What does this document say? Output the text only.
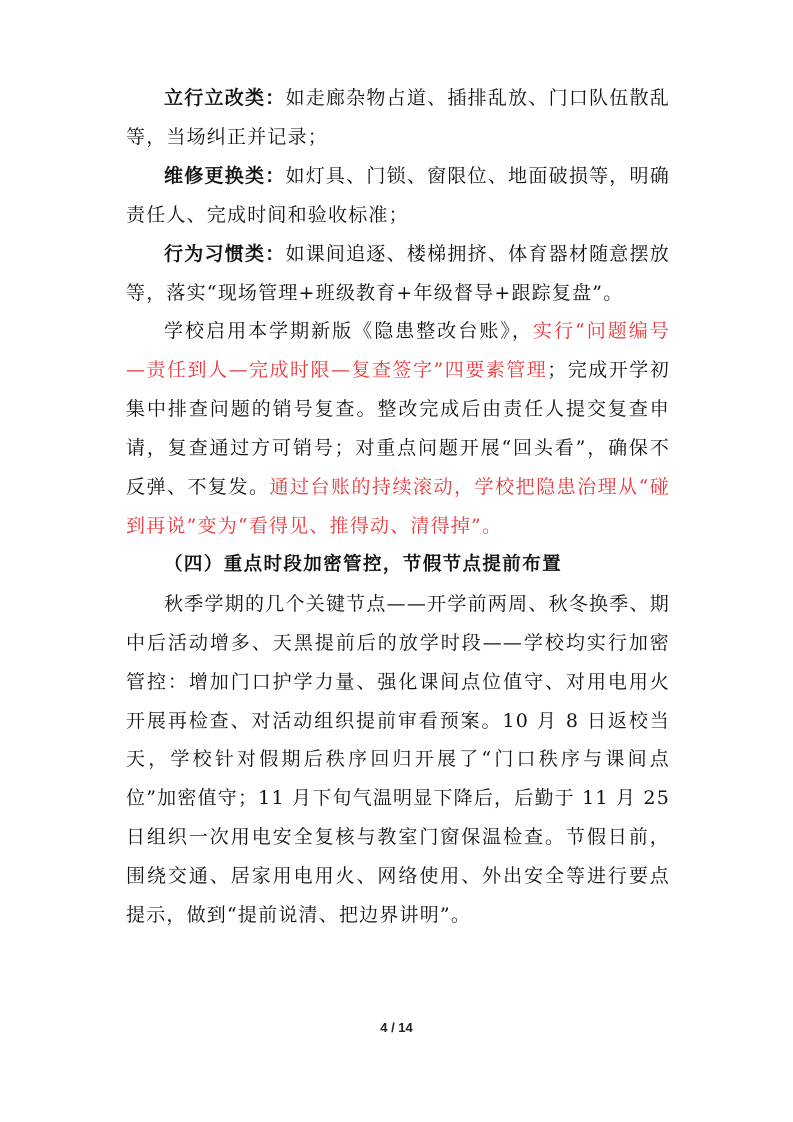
立行立改类：如走廊杂物占道、插排乱放、门口队伍散乱等，当场纠正并记录；

维修更换类：如灯具、门锁、窗限位、地面破损等，明确责任人、完成时间和验收标准；

行为习惯类：如课间追逐、楼梯拥挤、体育器材随意摆放等，落实“现场管理+班级教育+年级督导+跟踪复盘”。

学校启用本学期新版《隐患整改台账》，实行“问题编号—责任到人—完成时限—复查签字”四要素管理；完成开学初集中排查问题的销号复查。整改完成后由责任人提交复查申请，复查通过方可销号；对重点问题开展“回头看”，确保不反弹、不复发。通过台账的持续滚动，学校把隐患治理从“碰到再说”变为“看得见、推得动、清得掉”。

（四）重点时段加密管控，节假节点提前布置

秋季学期的几个关键节点——开学前两周、秋冬换季、期中后活动增多、天黑提前后的放学时段——学校均实行加密管控：增加门口护学力量、强化课间点位值守、对用电用火开展再检查、对活动组织提前审看预案。10 月 8 日返校当天，学校针对假期后秩序回归开展了“门口秩序与课间点位”加密值守；11 月下旬气温明显下降后，后勤于 11 月 25 日组织一次用电安全复核与教室门窗保温检查。节假日前，围绕交通、居家用电用火、网络使用、外出安全等进行要点提示，做到“提前说清、把边界讲明”。

4 / 14
